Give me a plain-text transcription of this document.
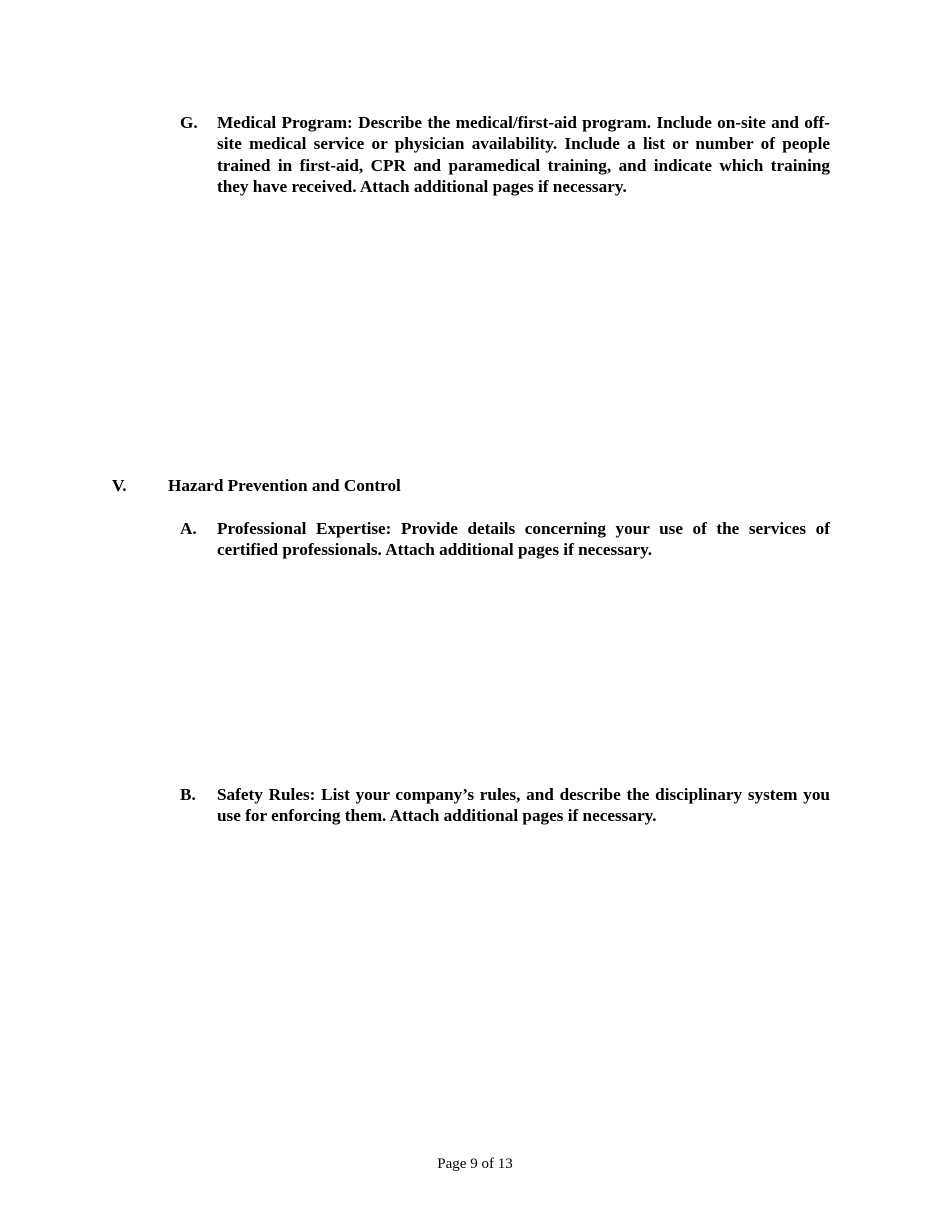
G.	Medical Program: Describe the medical/first-aid program. Include on-site and off-site medical service or physician availability. Include a list or number of people trained in first-aid, CPR and paramedical training, and indicate which training they have received. Attach additional pages if necessary.
V.	Hazard Prevention and Control
A.	Professional Expertise: Provide details concerning your use of the services of certified professionals. Attach additional pages if necessary.
B.	Safety Rules: List your company’s rules, and describe the disciplinary system you use for enforcing them. Attach additional pages if necessary.
Page 9 of 13
